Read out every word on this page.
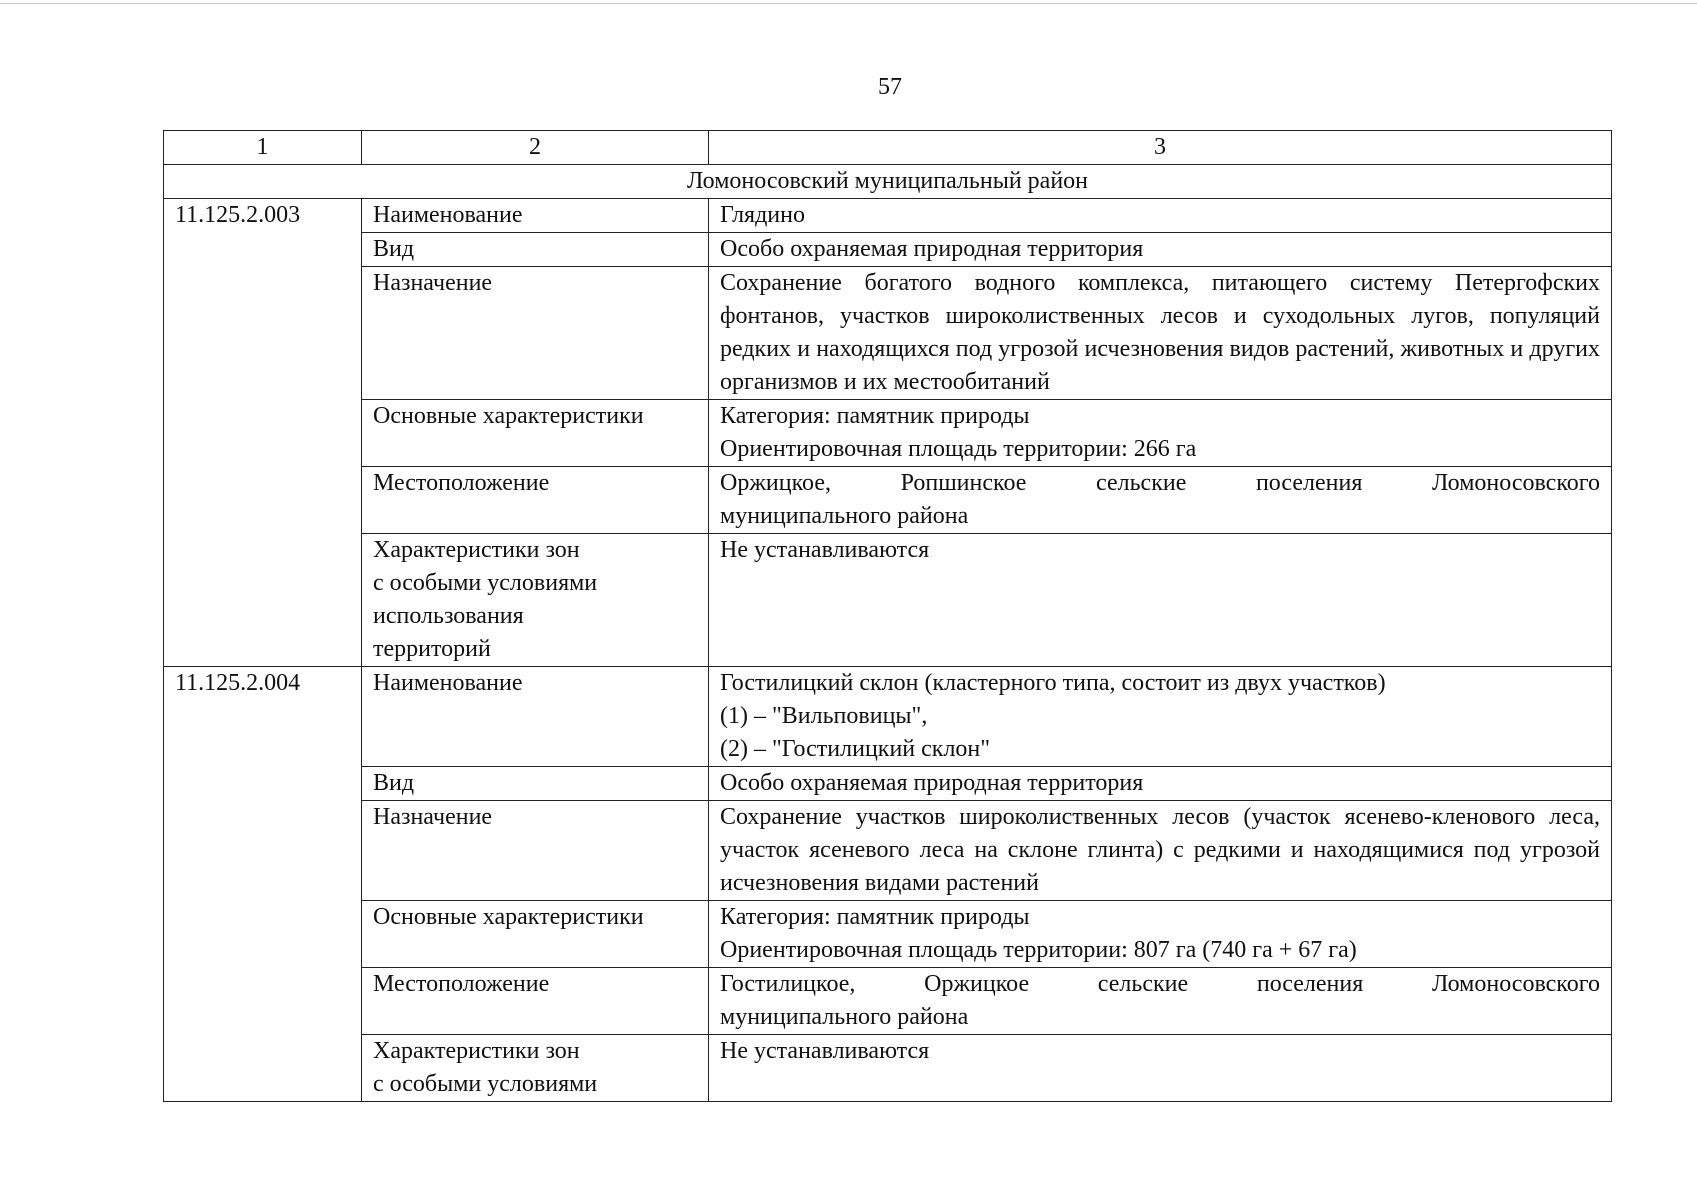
57
1	2	3
Ломоносовский муниципальный район		
11.125.2.003	Наименование	Глядино
	Вид	Особо охраняемая природная территория
	Назначение	Сохранение богатого водного комплекса, питающего систему Петергофских фонтанов, участков широколиственных лесов и суходольных лугов, популяций редких и находящихся под угрозой исчезновения видов растений, животных и других организмов и их местообитаний
	Основные характеристики	Категория: памятник природы
Ориентировочная площадь территории: 266 га

	Местоположение	Оржицкое, Ропшинское сельские поселения Ломоносовского
муниципального района

	Характеристики зон
с особыми условиями
использования
территорий	Не устанавливаются
11.125.2.004	Наименование	Гостилицкий склон (кластерного типа, состоит из двух участков)
(1) – "Вильповицы",
(2) – "Гостилицкий склон"

	Вид	Особо охраняемая природная территория
	Назначение	Сохранение участков широколиственных лесов (участок ясенево-кленового леса, участок ясеневого леса на склоне глинта) с редкими и находящимися под угрозой исчезновения видами растений
	Основные характеристики	Категория: памятник природы
Ориентировочная площадь территории: 807 га (740 га + 67 га)

	Местоположение	Гостилицкое, Оржицкое сельские поселения Ломоносовского
муниципального района

	Характеристики зон
с особыми условиями	Не устанавливаются
